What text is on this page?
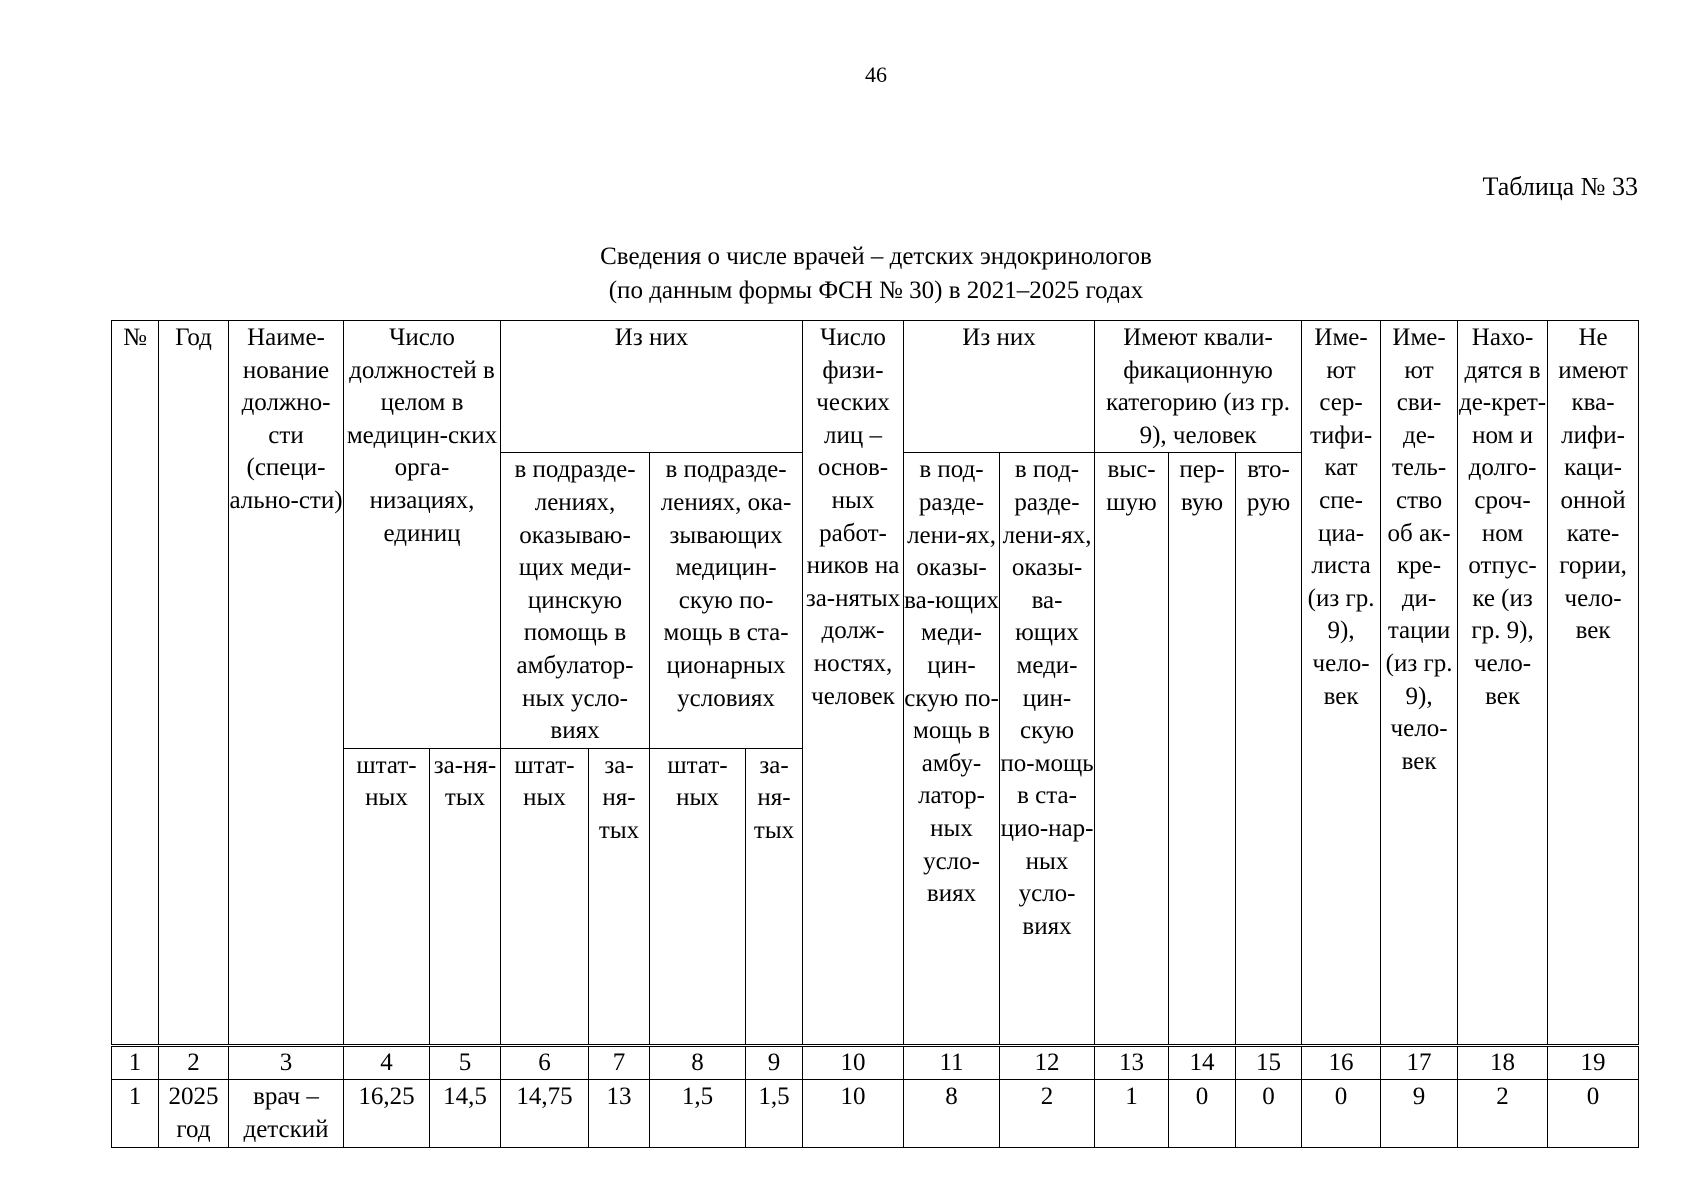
46
Таблица № 33
Сведения о числе врачей – детских эндокринологов
(по данным формы ФСН № 30) в 2021–2025 годах
№	Год	Наиме-нование должно-сти (специ-ально-сти)	Число должностей в целом в медицин-ских орга-низациях, единиц		Из них				Число физи-ческих лиц – основ-ных работ-ников на за-нятых долж-ностях, человек	Из них		Имеют квали-фикационную категорию (из гр. 9), человек			Име-ют сер-тифи-кат спе-циа-листа (из гр. 9), чело-век	Име-ют сви-де-тель-ство об ак-кре-ди-тации (из гр. 9), чело-век	Нахо-дятся в де-крет-ном и долго-сроч-ном отпус-ке (из гр. 9), чело-век	Не имеют ква-лифи-каци-онной кате-гории, чело-век
					в подразде-лениях, оказываю-щих меди-цинскую помощь в амбулатор-ных усло-виях		в подразде-лениях, ока-зывающих медицин-скую по-мощь в ста-ционарных условиях			в под-разде-лени-ях, оказы-ва-ющих меди-цин-скую по-мощь в амбу-латор-ных усло-виях	в под-разде-лени-ях, оказы-ва-ющих меди-цин-скую по-мощь в ста-цио-нар-ных усло-виях	выс-шую	пер-вую	вто-рую				
			штат-ных	за-ня-тых	штат-ных	за-ня-тых	штат-ных	за-ня-тых										
1	2	3	4	5	6	7	8	9	10	11	12	13	14	15	16	17	18	19
1	2025 год	врач – детский	16,25	14,5	14,75	13	1,5	1,5	10	8	2	1	0	0	0	9	2	0
